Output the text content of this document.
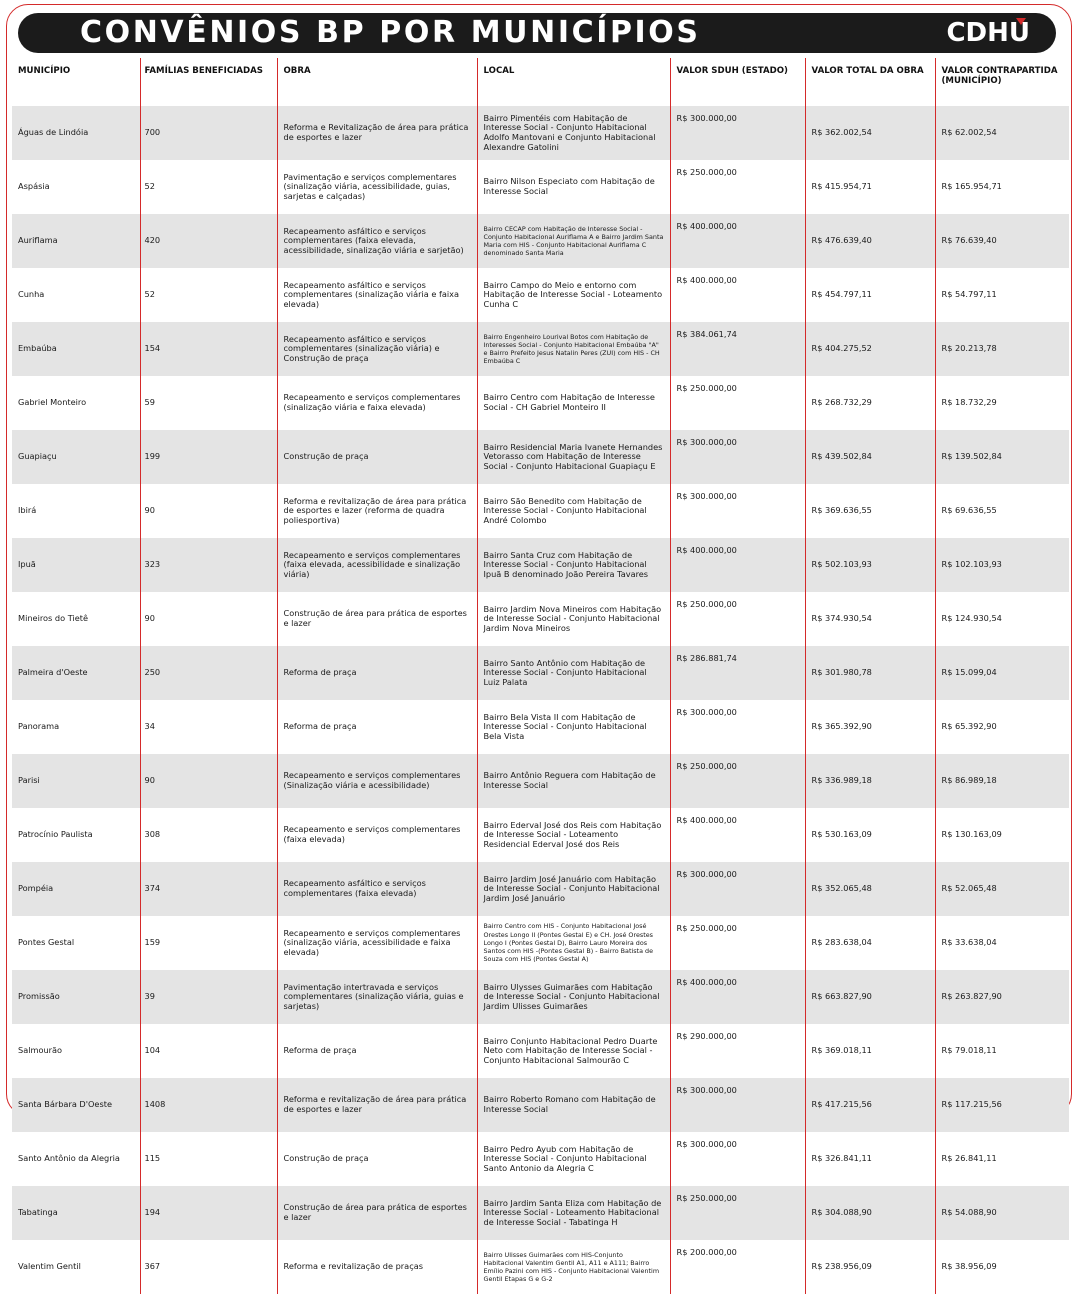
CONVÊNIOS BP POR MUNICÍPIOS	CDHU
MUNICÍPIO	FAMÍLIAS BENEFICIADAS	OBRA	LOCAL	VALOR SDUH (ESTADO)	VALOR TOTAL DA OBRA	VALOR CONTRAPARTIDA (MUNICÍPIO)
Águas de Lindóia	700	Reforma e Revitalização de área para prática de esportes e lazer	Bairro Pimentéis com Habitação de Interesse Social - Conjunto Habitacional Adolfo Mantovani e Conjunto Habitacional Alexandre Gatolini	R$ 300.000,00	R$ 362.002,54	R$ 62.002,54
Aspásia	52	Pavimentação e serviços complementares (sinalização viária, acessibilidade, guias, sarjetas e calçadas)	Bairro Nilson Especiato com Habitação de Interesse Social	R$ 250.000,00	R$ 415.954,71	R$ 165.954,71
Auriflama	420	Recapeamento asfáltico e serviços complementares (faixa elevada, acessibilidade, sinalização viária e sarjetão)	Bairro CECAP com Habitação de Interesse Social - Conjunto Habitacional Auriflama A e Bairro Jardim Santa Maria com HIS - Conjunto Habitacional Auriflama C denominado Santa Maria	R$ 400.000,00	R$ 476.639,40	R$ 76.639,40
Cunha	52	Recapeamento asfáltico e serviços complementares (sinalização viária e faixa elevada)	Bairro Campo do Meio e entorno com Habitação de Interesse Social - Loteamento Cunha C	R$ 400.000,00	R$ 454.797,11	R$ 54.797,11
Embaúba	154	Recapeamento asfáltico e serviços complementares (sinalização viária) e Construção de praça	Bairro Engenheiro Lourival Botos com Habitação de Interesses Social - Conjunto Habitacional Embaúba "A" e Bairro Prefeito Jesus Natalin Peres (ZUI) com HIS - CH Embaúba C	R$ 384.061,74	R$ 404.275,52	R$ 20.213,78
Gabriel Monteiro	59	Recapeamento e serviços complementares (sinalização viária e faixa elevada)	Bairro Centro com Habitação de Interesse Social - CH Gabriel Monteiro II	R$ 250.000,00	R$ 268.732,29	R$ 18.732,29
Guapiaçu	199	Construção de praça	Bairro Residencial Maria Ivanete Hernandes Vetorasso com Habitação de Interesse Social - Conjunto Habitacional Guapiaçu E	R$ 300.000,00	R$ 439.502,84	R$ 139.502,84
Ibirá	90	Reforma e revitalização de área para prática de esportes e lazer (reforma de quadra poliesportiva)	Bairro São Benedito com Habitação de Interesse Social - Conjunto Habitacional André Colombo	R$ 300.000,00	R$ 369.636,55	R$ 69.636,55
Ipuã	323	Recapeamento e serviços complementares (faixa elevada, acessibilidade e sinalização viária)	Bairro Santa Cruz com Habitação de Interesse Social - Conjunto Habitacional Ipuã B denominado João Pereira Tavares	R$ 400.000,00	R$ 502.103,93	R$ 102.103,93
Mineiros do Tietê	90	Construção de área para prática de esportes e lazer	Bairro Jardim Nova Mineiros com Habitação de Interesse Social - Conjunto Habitacional Jardim Nova Mineiros	R$ 250.000,00	R$ 374.930,54	R$ 124.930,54
Palmeira d'Oeste	250	Reforma de praça	Bairro Santo Antônio com Habitação de Interesse Social - Conjunto Habitacional Luiz Palata	R$ 286.881,74	R$ 301.980,78	R$ 15.099,04
Panorama	34	Reforma de praça	Bairro Bela Vista II com Habitação de Interesse Social - Conjunto Habitacional Bela Vista	R$ 300.000,00	R$ 365.392,90	R$ 65.392,90
Parisi	90	Recapeamento e serviços complementares (Sinalização viária e acessibilidade)	Bairro Antônio Reguera com Habitação de Interesse Social	R$ 250.000,00	R$ 336.989,18	R$ 86.989,18
Patrocínio Paulista	308	Recapeamento e serviços complementares (faixa elevada)	Bairro Ederval José dos Reis com Habitação de Interesse Social - Loteamento Residencial Ederval José dos Reis	R$ 400.000,00	R$ 530.163,09	R$ 130.163,09
Pompéia	374	Recapeamento asfáltico e serviços complementares (faixa elevada)	Bairro Jardim José Januário com Habitação de Interesse Social - Conjunto Habitacional Jardim José Januário	R$ 300.000,00	R$ 352.065,48	R$ 52.065,48
Pontes Gestal	159	Recapeamento e serviços complementares (sinalização viária, acessibilidade e faixa elevada)	Bairro Centro com HIS - Conjunto Habitacional José Orestes Longo II (Pontes Gestal E) e CH. José Orestes Longo I (Pontes Gestal D), Bairro Lauro Moreira dos Santos com HIS -(Pontes Gestal B) - Bairro Batista de Souza com HIS (Pontes Gestal A)	R$ 250.000,00	R$ 283.638,04	R$ 33.638,04
Promissão	39	Pavimentação intertravada e serviços complementares (sinalização viária, guias e sarjetas)	Bairro Ulysses Guimarães com Habitação de Interesse Social - Conjunto Habitacional Jardim Ulisses Guimarães	R$ 400.000,00	R$ 663.827,90	R$ 263.827,90
Salmourão	104	Reforma de praça	Bairro Conjunto Habitacional Pedro Duarte Neto com Habitação de Interesse Social - Conjunto Habitacional Salmourão C	R$ 290.000,00	R$ 369.018,11	R$ 79.018,11
Santa Bárbara D'Oeste	1408	Reforma e revitalização de área para prática de esportes e lazer	Bairro Roberto Romano com Habitação de Interesse Social	R$ 300.000,00	R$ 417.215,56	R$ 117.215,56
Santo Antônio da Alegria	115	Construção de praça	Bairro Pedro Ayub com Habitação de Interesse Social - Conjunto Habitacional Santo Antonio da Alegria C	R$ 300.000,00	R$ 326.841,11	R$ 26.841,11
Tabatinga	194	Construção de área para prática de esportes e lazer	Bairro Jardim Santa Eliza com Habitação de Interesse Social - Loteamento Habitacional de Interesse Social - Tabatinga H	R$ 250.000,00	R$ 304.088,90	R$ 54.088,90
Valentim Gentil	367	Reforma e revitalização de praças	Bairro Ulisses Guimarães com HIS-Conjunto Habitacional Valentim Gentil A1, A11 e A111; Bairro Emílio Pazini com HIS - Conjunto Habitacional Valentim Gentil Etapas G e G-2	R$ 200.000,00	R$ 238.956,09	R$ 38.956,09
